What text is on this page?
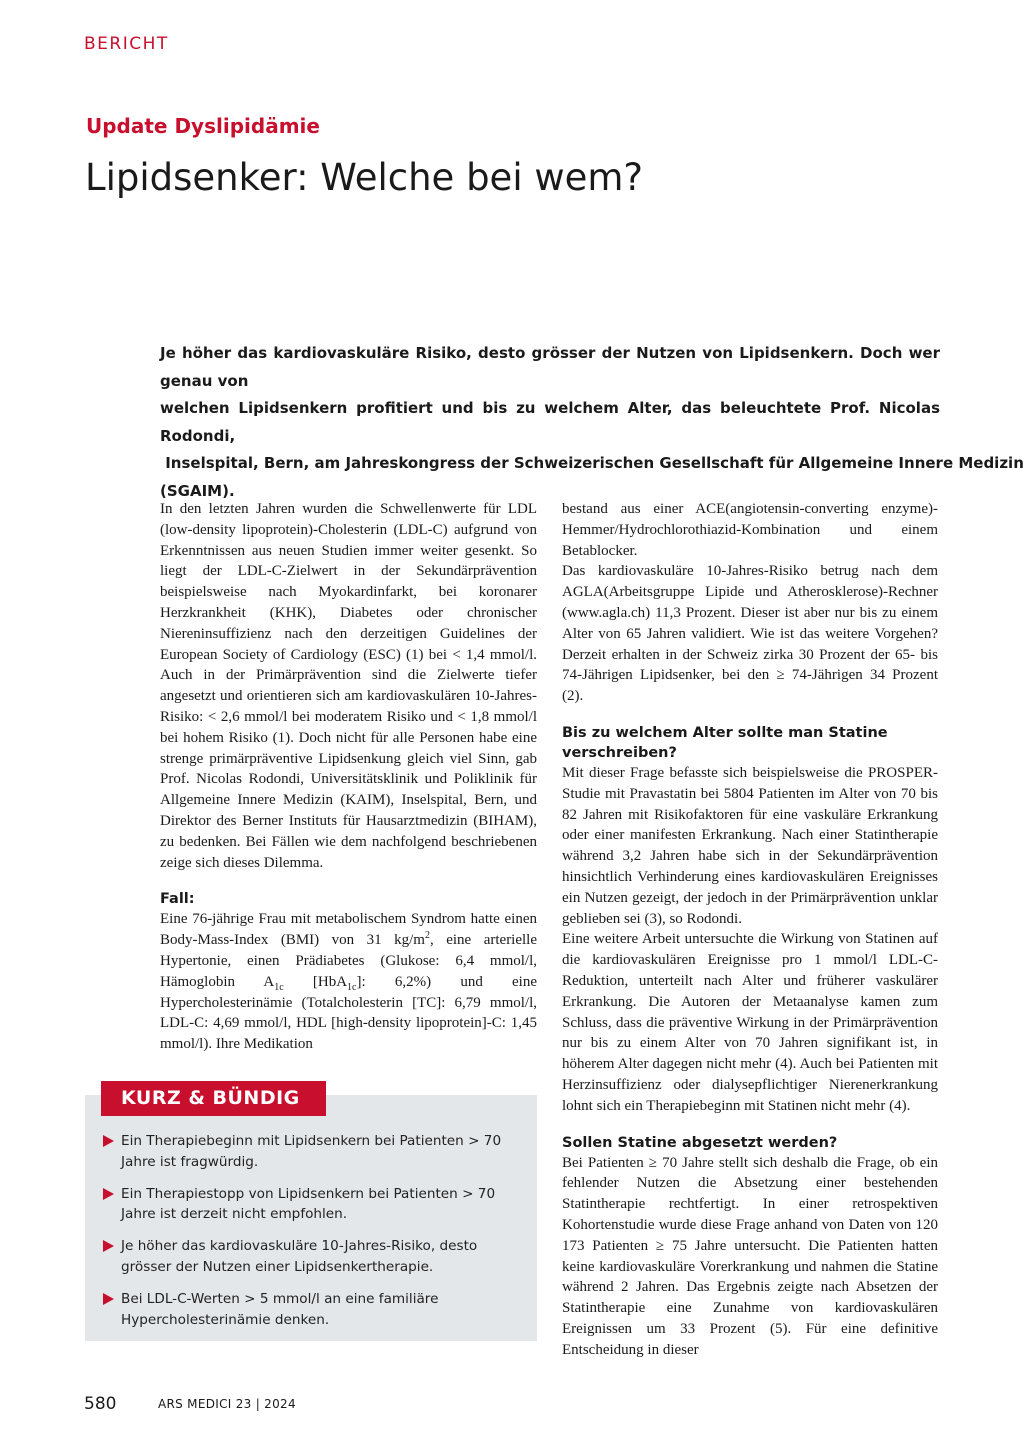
BERICHT
Update Dyslipidämie
Lipidsenker: Welche bei wem?
Je höher das kardiovaskuläre Risiko, desto grösser der Nutzen von Lipidsenkern. Doch wer genau von
welchen Lipidsenkern profitiert und bis zu welchem Alter, das beleuchtete Prof. Nicolas Rodondi,
Inselspital, Bern, am Jahreskongress der Schweizerischen Gesellschaft für Allgemeine Innere Medizin
(SGAIM).

In den letzten Jahren wurden die Schwellenwerte für LDL (low-density lipoprotein)-Cholesterin (LDL-C) aufgrund von Erkenntnissen aus neuen Studien immer weiter gesenkt. So liegt der LDL-C-Zielwert in der Sekundärprävention beispielsweise nach Myokardinfarkt, bei koronarer Herzkrankheit (KHK), Diabetes oder chronischer Niereninsuffizienz nach den derzeitigen Guidelines der European Society of Cardiology (ESC) (1) bei < 1,4 mmol/l. Auch in der Primärprävention sind die Zielwerte tiefer angesetzt und orientieren sich am kardiovaskulären 10-Jahres-Risiko: < 2,6 mmol/l bei moderatem Risiko und < 1,8 mmol/l bei hohem Risiko (1). Doch nicht für alle Personen habe eine strenge primärpräventive Lipidsenkung gleich viel Sinn, gab Prof. Nicolas Rodondi, Universitätsklinik und Poliklinik für Allgemeine Innere Medizin (KAIM), Inselspital, Bern, und Direktor des Berner Instituts für Hausarztmedizin (BIHAM), zu bedenken. Bei Fällen wie dem nachfolgend beschriebenen zeige sich dieses Dilemma.

Fall:

Eine 76-jährige Frau mit metabolischem Syndrom hatte einen Body-Mass-Index (BMI) von 31 $kg/m^2$, eine arterielle Hypertonie, einen Prädiabetes (Glukose: 6,4 mmol/l, Hämoglobin $A_{1c}$ [HbA$_{1c}$]: 6,2%) und eine Hypercholesterinämie (Totalcholesterin [TC]: 6,79 mmol/l, LDL-C: 4,69 mmol/l, HDL [high-density lipoprotein]-C: 1,45 mmol/l). Ihre Medikation

Ein Therapiebeginn mit Lipidsenkern bei Patienten > 70 Jahre ist fragwürdig.
Ein Therapiestopp von Lipidsenkern bei Patienten > 70 Jahre ist derzeit nicht empfohlen.
Je höher das kardiovaskuläre 10-Jahres-Risiko, desto grösser der Nutzen einer Lipidsenkertherapie.
Bei LDL-C-Werten > 5 mmol/l an eine familiäre Hypercholesterinämie denken.
KURZ & BÜNDIG

bestand aus einer ACE(angiotensin-converting enzyme)-Hemmer/Hydrochlorothiazid-Kombination und einem Betablocker.

Das kardiovaskuläre 10-Jahres-Risiko betrug nach dem AGLA(Arbeitsgruppe Lipide und Atherosklerose)-Rechner (www.agla.ch) 11,3 Prozent. Dieser ist aber nur bis zu einem Alter von 65 Jahren validiert. Wie ist das weitere Vorgehen? Derzeit erhalten in der Schweiz zirka 30 Prozent der 65- bis 74-Jährigen Lipidsenker, bei den ≥ 74-Jährigen 34 Prozent (2).

Bis zu welchem Alter sollte man Statine verschreiben?

Mit dieser Frage befasste sich beispielsweise die PROSPER-Studie mit Pravastatin bei 5804 Patienten im Alter von 70 bis 82 Jahren mit Risikofaktoren für eine vaskuläre Erkrankung oder einer manifesten Erkrankung. Nach einer Statintherapie während 3,2 Jahren habe sich in der Sekundärprävention hinsichtlich Verhinderung eines kardiovaskulären Ereignisses ein Nutzen gezeigt, der jedoch in der Primärprävention unklar geblieben sei (3), so Rodondi.

Eine weitere Arbeit untersuchte die Wirkung von Statinen auf die kardiovaskulären Ereignisse pro 1 mmol/l LDL-C-Reduktion, unterteilt nach Alter und früherer vaskulärer Erkrankung. Die Autoren der Metaanalyse kamen zum Schluss, dass die präventive Wirkung in der Primärprävention nur bis zu einem Alter von 70 Jahren signifikant ist, in höherem Alter dagegen nicht mehr (4). Auch bei Patienten mit Herzinsuffizienz oder dialysepflichtiger Nierenerkrankung lohnt sich ein Therapiebeginn mit Statinen nicht mehr (4).

Sollen Statine abgesetzt werden?

Bei Patienten ≥ 70 Jahre stellt sich deshalb die Frage, ob ein fehlender Nutzen die Absetzung einer bestehenden Statintherapie rechtfertigt. In einer retrospektiven Kohortenstudie wurde diese Frage anhand von Daten von 120 173 Patienten ≥ 75 Jahre untersucht. Die Patienten hatten keine kardiovaskuläre Vorerkrankung und nahmen die Statine während 2 Jahren. Das Ergebnis zeigte nach Absetzen der Statintherapie eine Zunahme von kardiovaskulären Ereignissen um 33 Prozent (5). Für eine definitive Entscheidung in dieser

580	ARS MEDICI 23 | 2024
